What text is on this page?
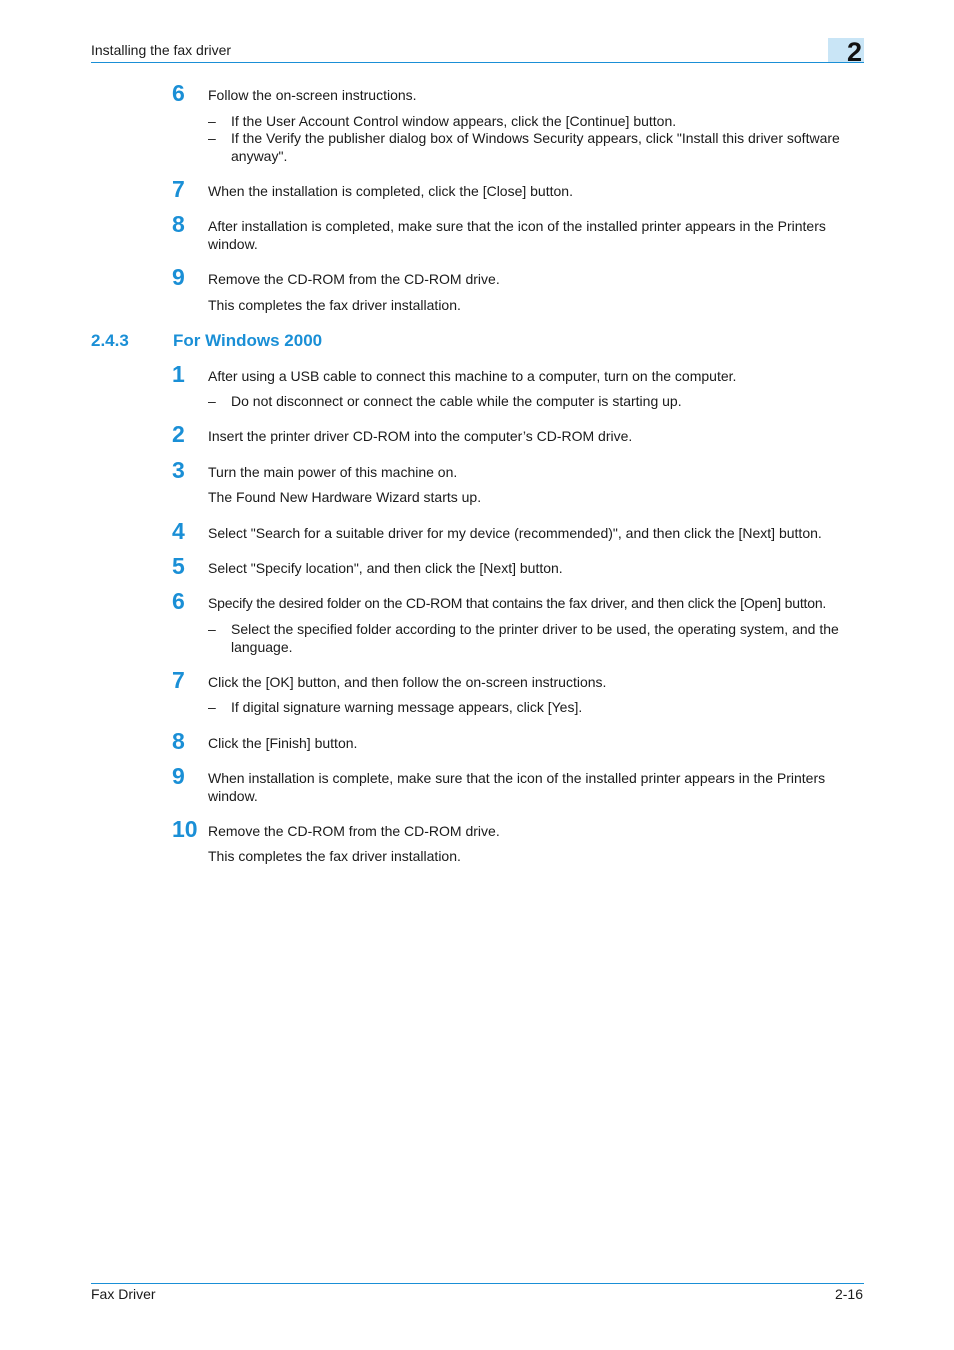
Installing the fax driver	2
6 Follow the on-screen instructions.
– If the User Account Control window appears, click the [Continue] button.
– If the Verify the publisher dialog box of Windows Security appears, click "Install this driver software anyway".
7 When the installation is completed, click the [Close] button.
8 After installation is completed, make sure that the icon of the installed printer appears in the Printers window.
9 Remove the CD-ROM from the CD-ROM drive.
This completes the fax driver installation.
2.4.3	For Windows 2000
1 After using a USB cable to connect this machine to a computer, turn on the computer.
– Do not disconnect or connect the cable while the computer is starting up.
2 Insert the printer driver CD-ROM into the computer’s CD-ROM drive.
3 Turn the main power of this machine on.
The Found New Hardware Wizard starts up.
4 Select "Search for a suitable driver for my device (recommended)", and then click the [Next] button.
5 Select "Specify location", and then click the [Next] button.
6 Specify the desired folder on the CD-ROM that contains the fax driver, and then click the [Open] button.
– Select the specified folder according to the printer driver to be used, the operating system, and the language.
7 Click the [OK] button, and then follow the on-screen instructions.
– If digital signature warning message appears, click [Yes].
8 Click the [Finish] button.
9 When installation is complete, make sure that the icon of the installed printer appears in the Printers window.
10 Remove the CD-ROM from the CD-ROM drive.
This completes the fax driver installation.
Fax Driver	2-16
